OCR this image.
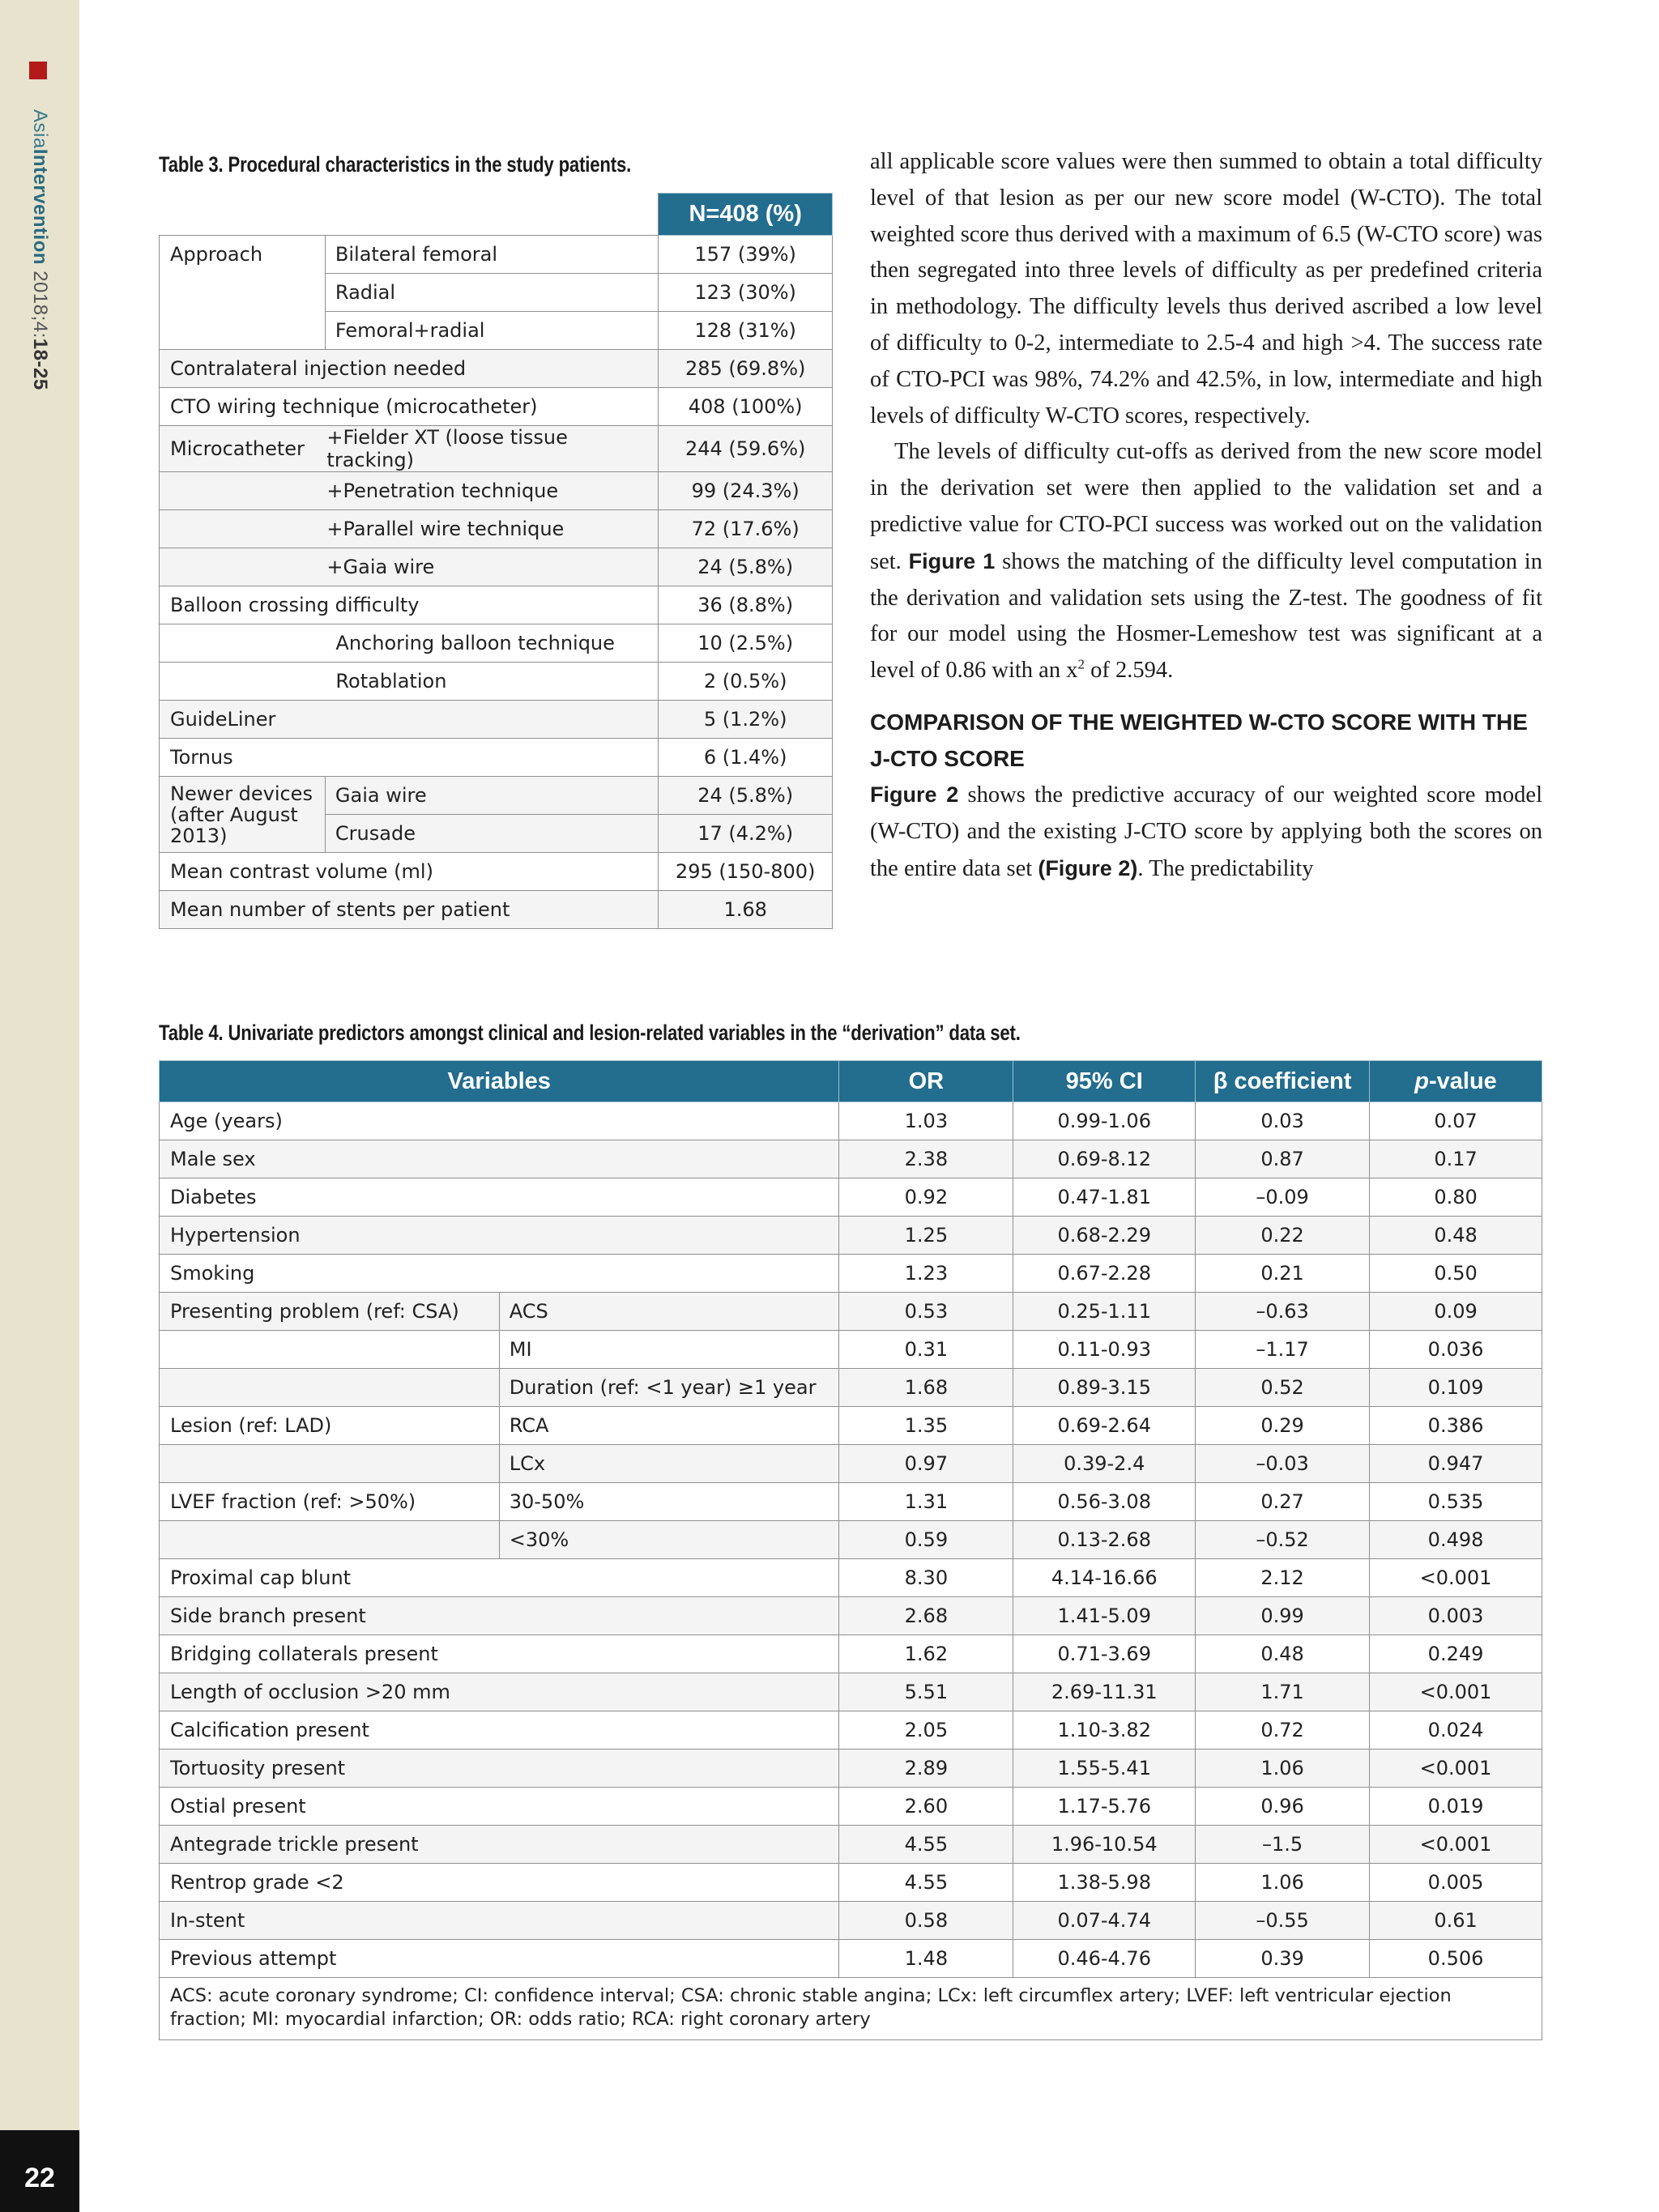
AsiaIntervention 2018;4:18-25
22
Table 3. Procedural characteristics in the study patients.
		N=408 (%)
Approach	Bilateral femoral	157 (39%)
	Radial	123 (30%)
	Femoral+radial	128 (31%)
Contralateral injection needed		285 (69.8%)
CTO wiring technique (microcatheter)		408 (100%)
Microcatheter	+Fielder XT (loose tissue tracking)	244 (59.6%)
	+Penetration technique	99 (24.3%)
	+Parallel wire technique	72 (17.6%)
	+Gaia wire	24 (5.8%)
Balloon crossing difficulty		36 (8.8%)
	Anchoring balloon technique	10 (2.5%)
	Rotablation	2 (0.5%)
GuideLiner		5 (1.2%)
Tornus		6 (1.4%)
Newer devices (after August 2013)	Gaia wire	24 (5.8%)
	Crusade	17 (4.2%)
Mean contrast volume (ml)		295 (150-800)
Mean number of stents per patient		1.68

all applicable score values were then summed to obtain a total difficulty level of that lesion as per our new score model (W-CTO). The total weighted score thus derived with a maximum of 6.5 (W-CTO score) was then segregated into three levels of difficulty as per predefined criteria in methodology. The difficulty levels thus derived ascribed a low level of difficulty to 0-2, intermediate to 2.5-4 and high >4. The success rate of CTO-PCI was 98%, 74.2% and 42.5%, in low, intermediate and high levels of difficulty W-CTO scores, respectively.

The levels of difficulty cut-offs as derived from the new score model in the derivation set were then applied to the validation set and a predictive value for CTO-PCI success was worked out on the validation set. Figure 1 shows the matching of the difficulty level computation in the derivation and validation sets using the Z-test. The goodness of fit for our model using the Hosmer-Lemeshow test was significant at a level of 0.86 with an $x^2$ of 2.594.

COMPARISON OF THE WEIGHTED W-CTO SCORE WITH THE J-CTO SCORE

Figure 2 shows the predictive accuracy of our weighted score model (W-CTO) and the existing J-CTO score by applying both the scores on the entire data set (Figure 2). The predictability

Table 4. Univariate predictors amongst clinical and lesion-related variables in the “derivation” data set.
Variables		OR	95% CI	β coefficient	p-value
Age (years)		1.03	0.99-1.06	0.03	0.07
Male sex		2.38	0.69-8.12	0.87	0.17
Diabetes		0.92	0.47-1.81	–0.09	0.80
Hypertension		1.25	0.68-2.29	0.22	0.48
Smoking		1.23	0.67-2.28	0.21	0.50
Presenting problem (ref: CSA)	ACS	0.53	0.25-1.11	–0.63	0.09
	MI	0.31	0.11-0.93	–1.17	0.036
	Duration (ref: <1 year) ≥1 year	1.68	0.89-3.15	0.52	0.109
Lesion (ref: LAD)	RCA	1.35	0.69-2.64	0.29	0.386
	LCx	0.97	0.39-2.4	–0.03	0.947
LVEF fraction (ref: >50%)	30-50%	1.31	0.56-3.08	0.27	0.535
	<30%	0.59	0.13-2.68	–0.52	0.498
Proximal cap blunt		8.30	4.14-16.66	2.12	<0.001
Side branch present		2.68	1.41-5.09	0.99	0.003
Bridging collaterals present		1.62	0.71-3.69	0.48	0.249
Length of occlusion >20 mm		5.51	2.69-11.31	1.71	<0.001
Calcification present		2.05	1.10-3.82	0.72	0.024
Tortuosity present		2.89	1.55-5.41	1.06	<0.001
Ostial present		2.60	1.17-5.76	0.96	0.019
Antegrade trickle present		4.55	1.96-10.54	–1.5	<0.001
Rentrop grade <2		4.55	1.38-5.98	1.06	0.005
In-stent		0.58	0.07-4.74	–0.55	0.61
Previous attempt		1.48	0.46-4.76	0.39	0.506
ACS: acute coronary syndrome; CI: confidence interval; CSA: chronic stable angina; LCx: left circumflex artery; LVEF: left ventricular ejection fraction; MI: myocardial infarction; OR: odds ratio; RCA: right coronary artery					
